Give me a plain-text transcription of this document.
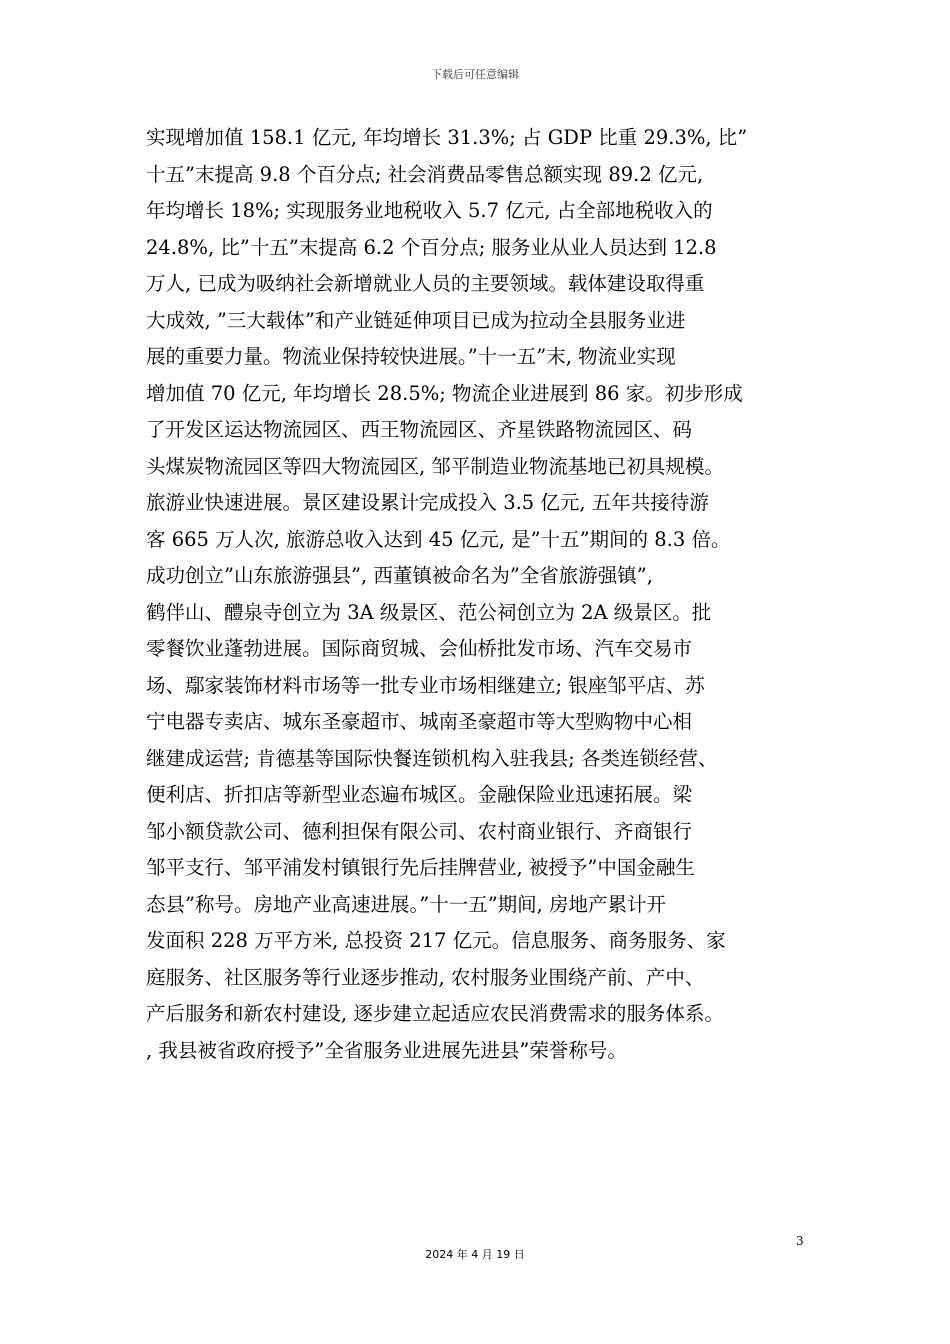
下载后可任意编辑
实现增加值 158.1 亿元, 年均增长 31.3%; 占 GDP 比重 29.3%, 比”
十五”末提高 9.8 个百分点; 社会消费品零售总额实现 89.2 亿元,
年均增长 18%; 实现服务业地税收入 5.7 亿元, 占全部地税收入的
24.8%, 比”十五”末提高 6.2 个百分点; 服务业从业人员达到 12.8
万人, 已成为吸纳社会新增就业人员的主要领域。载体建设取得重
大成效, ”三大载体”和产业链延伸项目已成为拉动全县服务业进
展的重要力量。物流业保持较快进展。”十一五”末, 物流业实现
增加值 70 亿元, 年均增长 28.5%; 物流企业进展到 86 家。初步形成
了开发区运达物流园区、西王物流园区、齐星铁路物流园区、码
头煤炭物流园区等四大物流园区, 邹平制造业物流基地已初具规模。
旅游业快速进展。景区建设累计完成投入 3.5 亿元, 五年共接待游
客 665 万人次, 旅游总收入达到 45 亿元, 是”十五”期间的 8.3 倍。
成功创立”山东旅游强县”, 西董镇被命名为”全省旅游强镇”,
鹤伴山、醴泉寺创立为 3A 级景区、范公祠创立为 2A 级景区。批
零餐饮业蓬勃进展。国际商贸城、会仙桥批发市场、汽车交易市
场、鄢家装饰材料市场等一批专业市场相继建立; 银座邹平店、苏
宁电器专卖店、城东圣豪超市、城南圣豪超市等大型购物中心相
继建成运营; 肯德基等国际快餐连锁机构入驻我县; 各类连锁经营、
便利店、折扣店等新型业态遍布城区。金融保险业迅速拓展。梁
邹小额贷款公司、德利担保有限公司、农村商业银行、齐商银行
邹平支行、邹平浦发村镇银行先后挂牌营业, 被授予”中国金融生
态县”称号。房地产业高速进展。”十一五”期间, 房地产累计开
发面积 228 万平方米, 总投资 217 亿元。信息服务、商务服务、家
庭服务、社区服务等行业逐步推动, 农村服务业围绕产前、产中、
产后服务和新农村建设, 逐步建立起适应农民消费需求的服务体系。
, 我县被省政府授予”全省服务业进展先进县”荣誉称号。
3
2024 年 4 月 19 日
